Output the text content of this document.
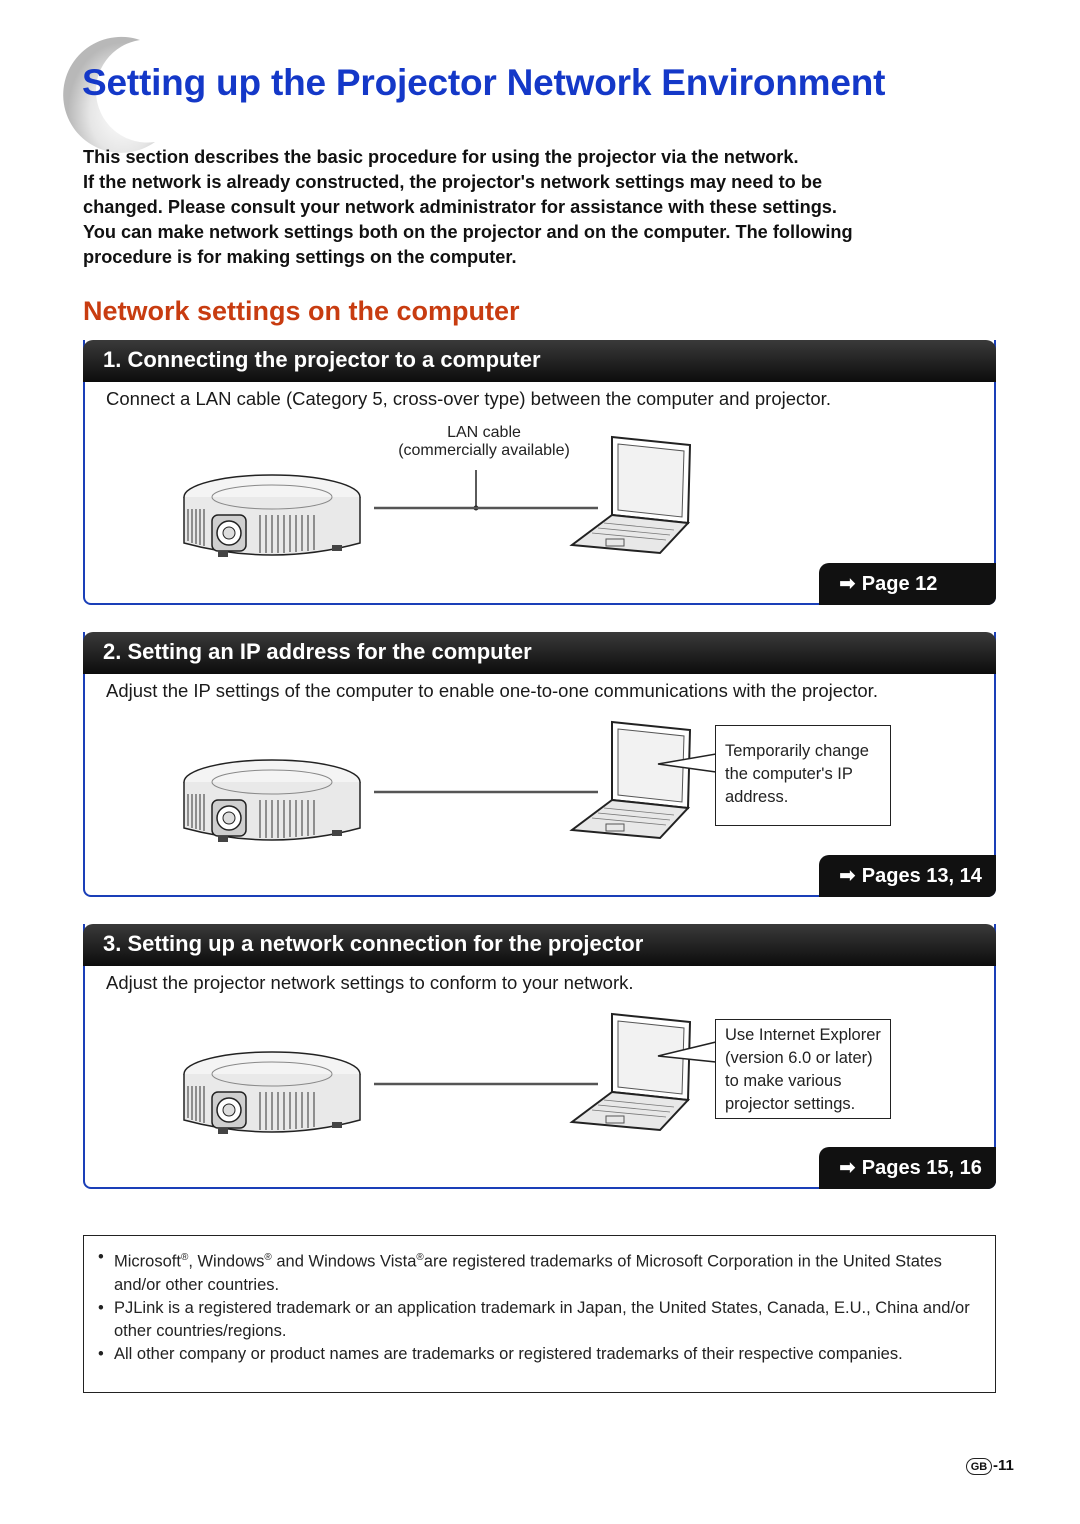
Setting up the Projector Network Environment
This section describes the basic procedure for using the projector via the network.
If the network is already constructed, the projector's network settings may need to be
changed. Please consult your network administrator for assistance with these settings.
You can make network settings both on the projector and on the computer. The following
procedure is for making settings on the computer.
Network settings on the computer
1. Connecting the projector to a computer
Connect a LAN cable (Category 5, cross-over type) between the computer and projector.
LAN cable
(commercially available)
➡ Page 12
2. Setting an IP address for the computer
Adjust the IP settings of the computer to enable one-to-one communications with the projector.
Temporarily change
the computer's IP
address.
➡ Pages 13, 14
3. Setting up a network connection for the projector
Adjust the projector network settings to conform to your network.
Use Internet Explorer
(version 6.0 or later)
to make various
projector settings.
➡ Pages 15, 16
• Microsoft®, Windows® and Windows Vista®are registered trademarks of Microsoft Corporation in the United States and/or other countries.
• PJLink is a registered trademark or an application trademark in Japan, the United States, Canada, E.U., China and/or other countries/regions.
• All other company or product names are trademarks or registered trademarks of their respective companies.
GB -11
